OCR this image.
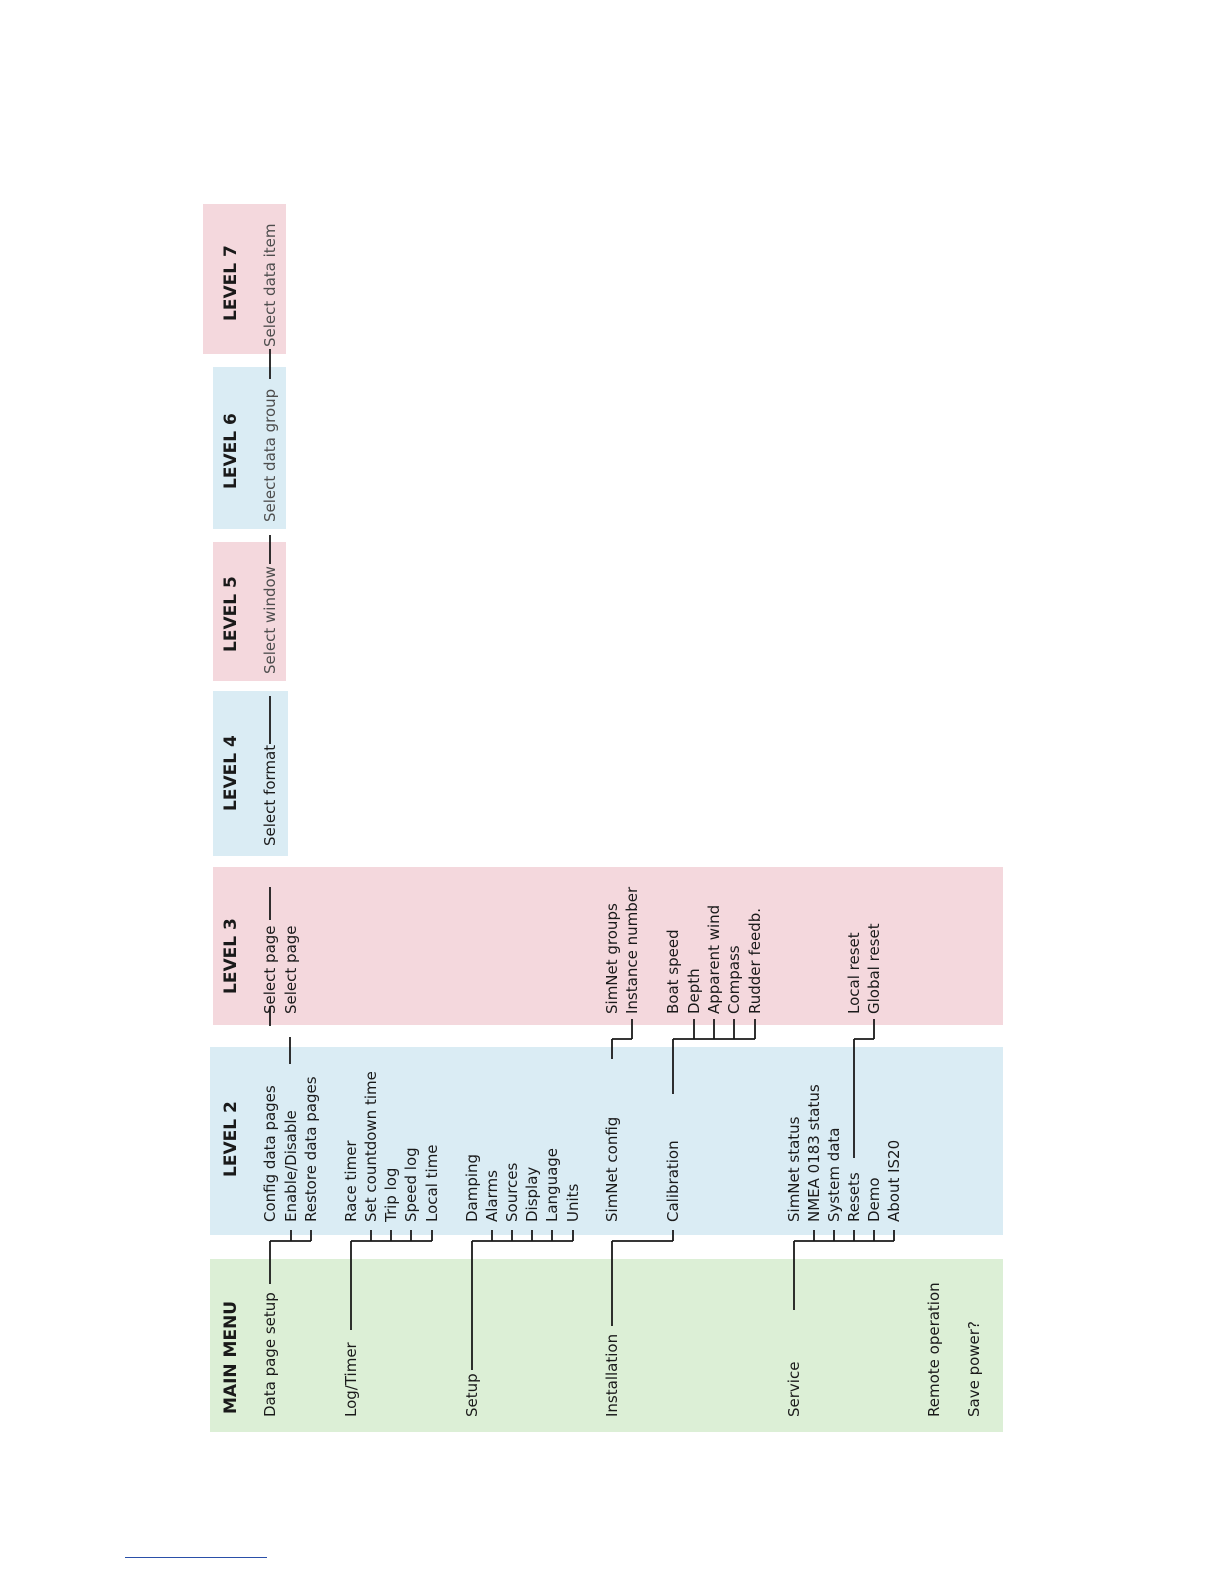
MAIN MENU
LEVEL 2
LEVEL 3
LEVEL 4
LEVEL 5
LEVEL 6
LEVEL 7
Data page setup	Log/Timer	Setup	Installation	Service	Remote operation Save power?
Config data pages Enable/Disable Restore data pages Race timer Set countdown time Trip log Speed log Local time Damping Alarms Sources Display Language Units SimNet config	Calibration	SimNet status NMEA 0183 status System data Resets Demo About IS20
Select page Select page	SimNet groups Instance number Boat speed Depth Apparent wind Compass Rudder feedb.	Local reset Global reset
Select format
Select window
Select data group
Select data item
